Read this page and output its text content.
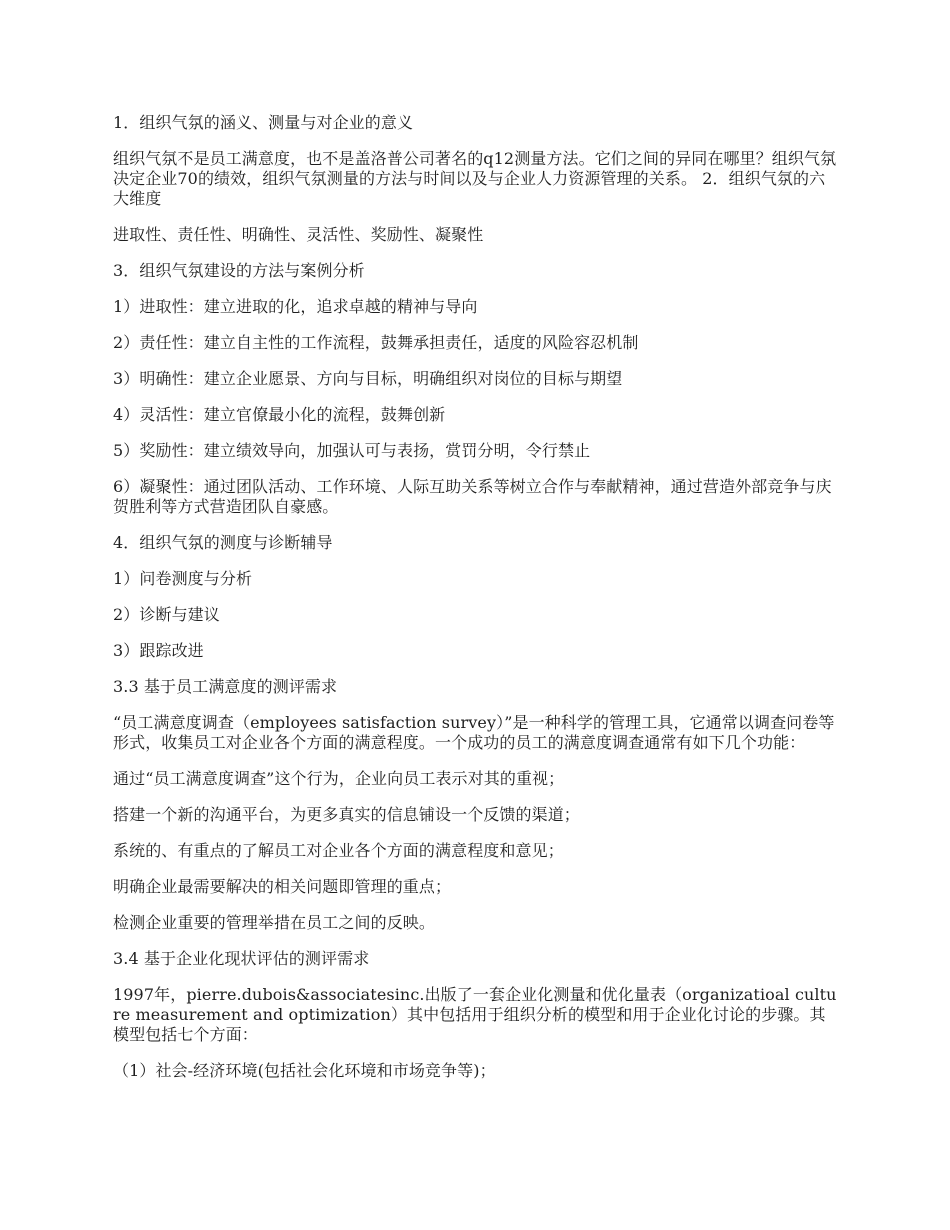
1．组织气氛的涵义、测量与对企业的意义

组织气氛不是员工满意度，也不是盖洛普公司著名的q12测量方法。它们之间的异同在哪里？组织气氛决定企业70的绩效，组织气氛测量的方法与时间以及与企业人力资源管理的关系。 2．组织气氛的六大维度

进取性、责任性、明确性、灵活性、奖励性、凝聚性

3．组织气氛建设的方法与案例分析

1）进取性：建立进取的化，追求卓越的精神与导向

2）责任性：建立自主性的工作流程，鼓舞承担责任，适度的风险容忍机制

3）明确性：建立企业愿景、方向与目标，明确组织对岗位的目标与期望

4）灵活性：建立官僚最小化的流程，鼓舞创新

5）奖励性：建立绩效导向，加强认可与表扬，赏罚分明，令行禁止

6）凝聚性：通过团队活动、工作环境、人际互助关系等树立合作与奉献精神，通过营造外部竞争与庆贺胜利等方式营造团队自豪感。

4．组织气氛的测度与诊断辅导

1）问卷测度与分析

2）诊断与建议

3）跟踪改进

3.3 基于员工满意度的测评需求

“员工满意度调查（employees satisfaction survey）”是一种科学的管理工具，它通常以调查问卷等形式，收集员工对企业各个方面的满意程度。一个成功的员工的满意度调查通常有如下几个功能：

通过“员工满意度调查”这个行为，企业向员工表示对其的重视；

搭建一个新的沟通平台，为更多真实的信息铺设一个反馈的渠道；

系统的、有重点的了解员工对企业各个方面的满意程度和意见；

明确企业最需要解决的相关问题即管理的重点；

检测企业重要的管理举措在员工之间的反映。

3.4 基于企业化现状评估的测评需求

1997年，pierre.dubois&associatesinc.出版了一套企业化测量和优化量表（organizatioal culture measurement and optimization）其中包括用于组织分析的模型和用于企业化讨论的步骤。其模型包括七个方面：

（1）社会-经济环境(包括社会化环境和市场竞争等)；
